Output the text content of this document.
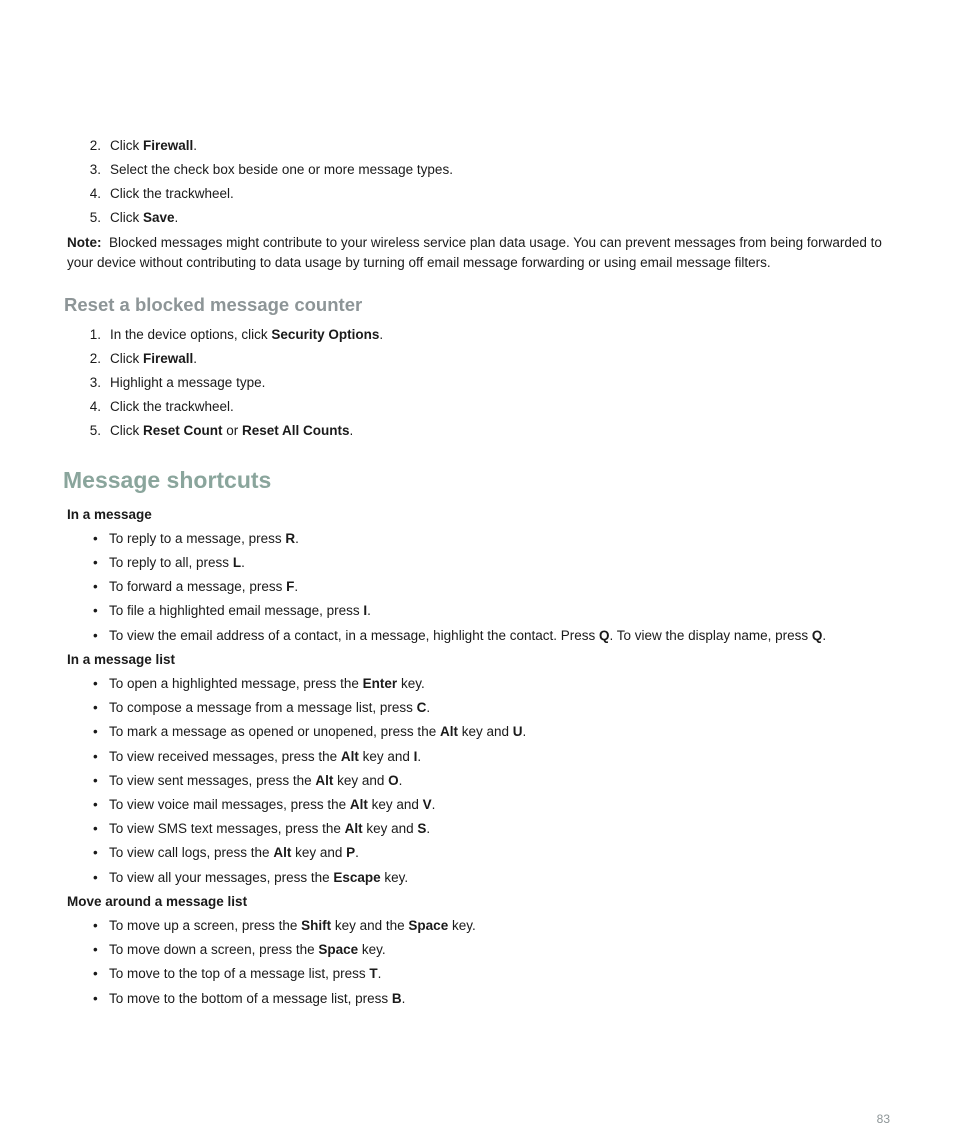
2. Click Firewall.
3. Select the check box beside one or more message types.
4. Click the trackwheel.
5. Click Save.
Note: Blocked messages might contribute to your wireless service plan data usage. You can prevent messages from being forwarded to your device without contributing to data usage by turning off email message forwarding or using email message filters.
Reset a blocked message counter
1. In the device options, click Security Options.
2. Click Firewall.
3. Highlight a message type.
4. Click the trackwheel.
5. Click Reset Count or Reset All Counts.
Message shortcuts
In a message
• To reply to a message, press R.
• To reply to all, press L.
• To forward a message, press F.
• To file a highlighted email message, press I.
• To view the email address of a contact, in a message, highlight the contact. Press Q. To view the display name, press Q.
In a message list
• To open a highlighted message, press the Enter key.
• To compose a message from a message list, press C.
• To mark a message as opened or unopened, press the Alt key and U.
• To view received messages, press the Alt key and I.
• To view sent messages, press the Alt key and O.
• To view voice mail messages, press the Alt key and V.
• To view SMS text messages, press the Alt key and S.
• To view call logs, press the Alt key and P.
• To view all your messages, press the Escape key.
Move around a message list
• To move up a screen, press the Shift key and the Space key.
• To move down a screen, press the Space key.
• To move to the top of a message list, press T.
• To move to the bottom of a message list, press B.
83
